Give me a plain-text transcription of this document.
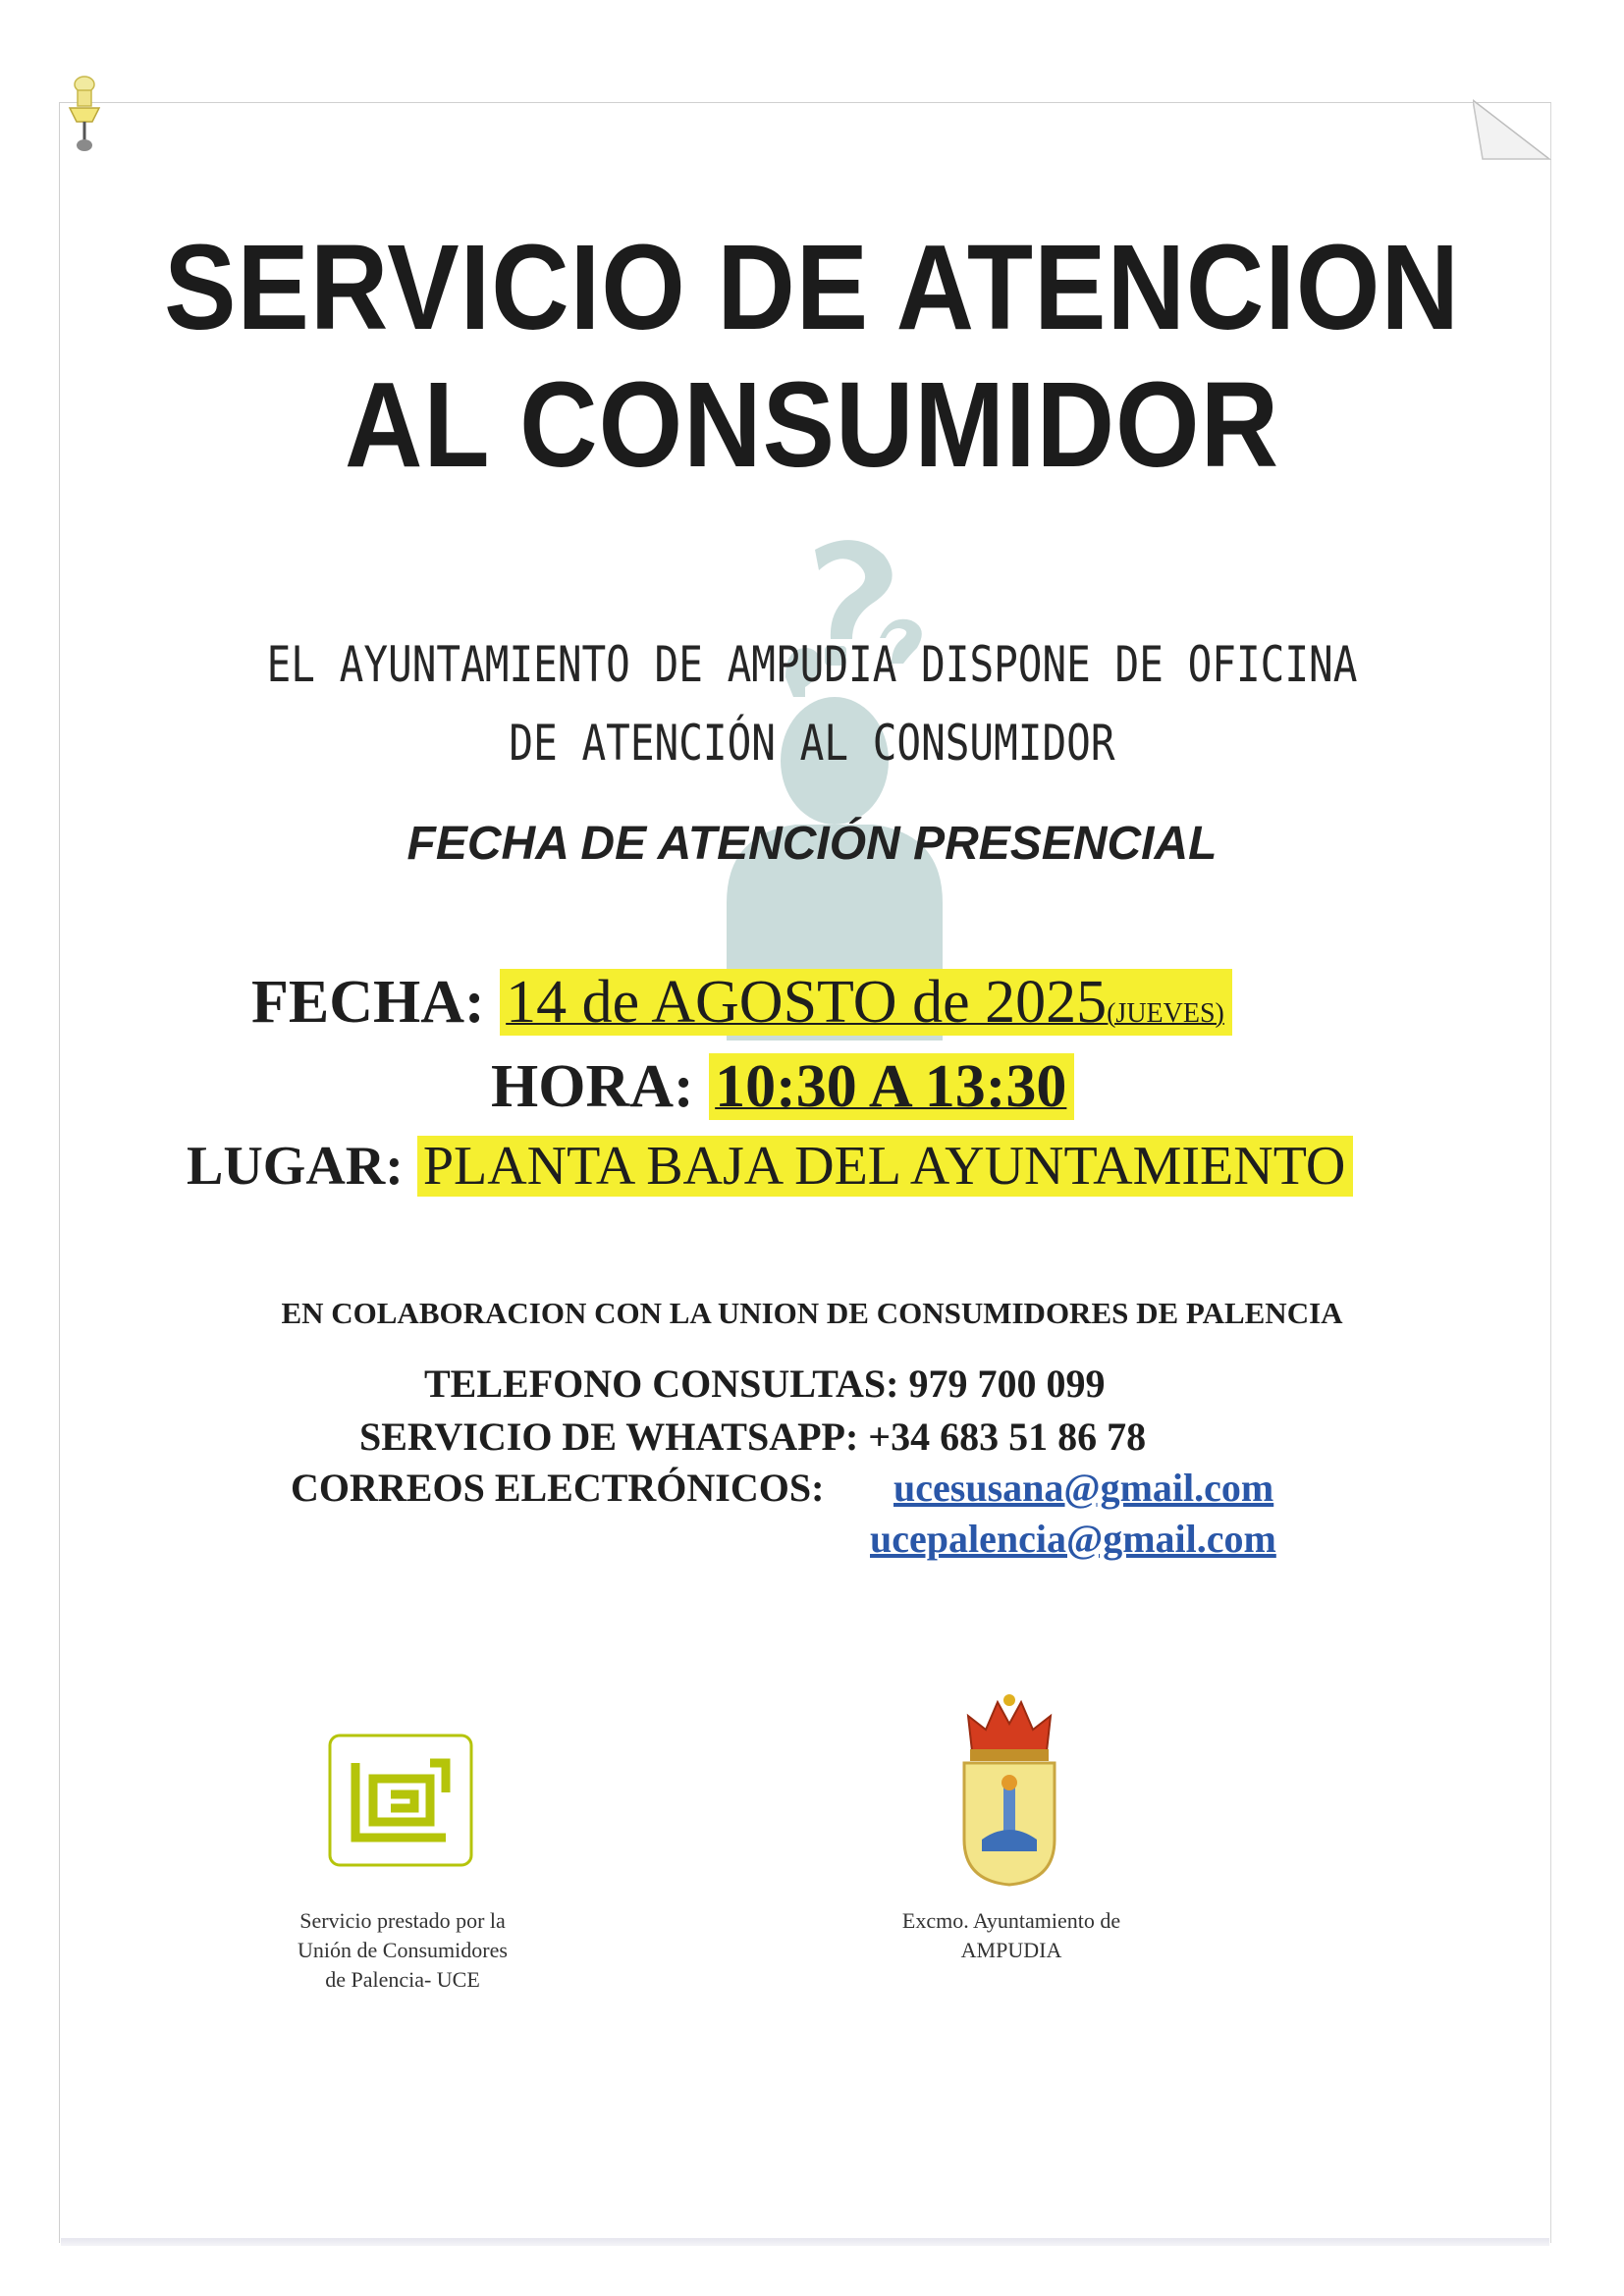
SERVICIO DE ATENCION
AL CONSUMIDOR
EL AYUNTAMIENTO DE AMPUDIA DISPONE DE OFICINA
DE ATENCIÓN AL CONSUMIDOR
FECHA DE ATENCIÓN PRESENCIAL
FECHA: 14 de AGOSTO de 2025(JUEVES)
HORA: 10:30 A 13:30
LUGAR: PLANTA BAJA DEL AYUNTAMIENTO
EN COLABORACION CON LA UNION DE CONSUMIDORES DE PALENCIA
TELEFONO CONSULTAS: 979 700 099
SERVICIO DE WHATSAPP: +34 683 51 86 78
CORREOS ELECTRÓNICOS: ucesusana@gmail.com
ucepalencia@gmail.com
Servicio prestado por la
Unión de Consumidores
de Palencia- UCE
Excmo. Ayuntamiento de
AMPUDIA
